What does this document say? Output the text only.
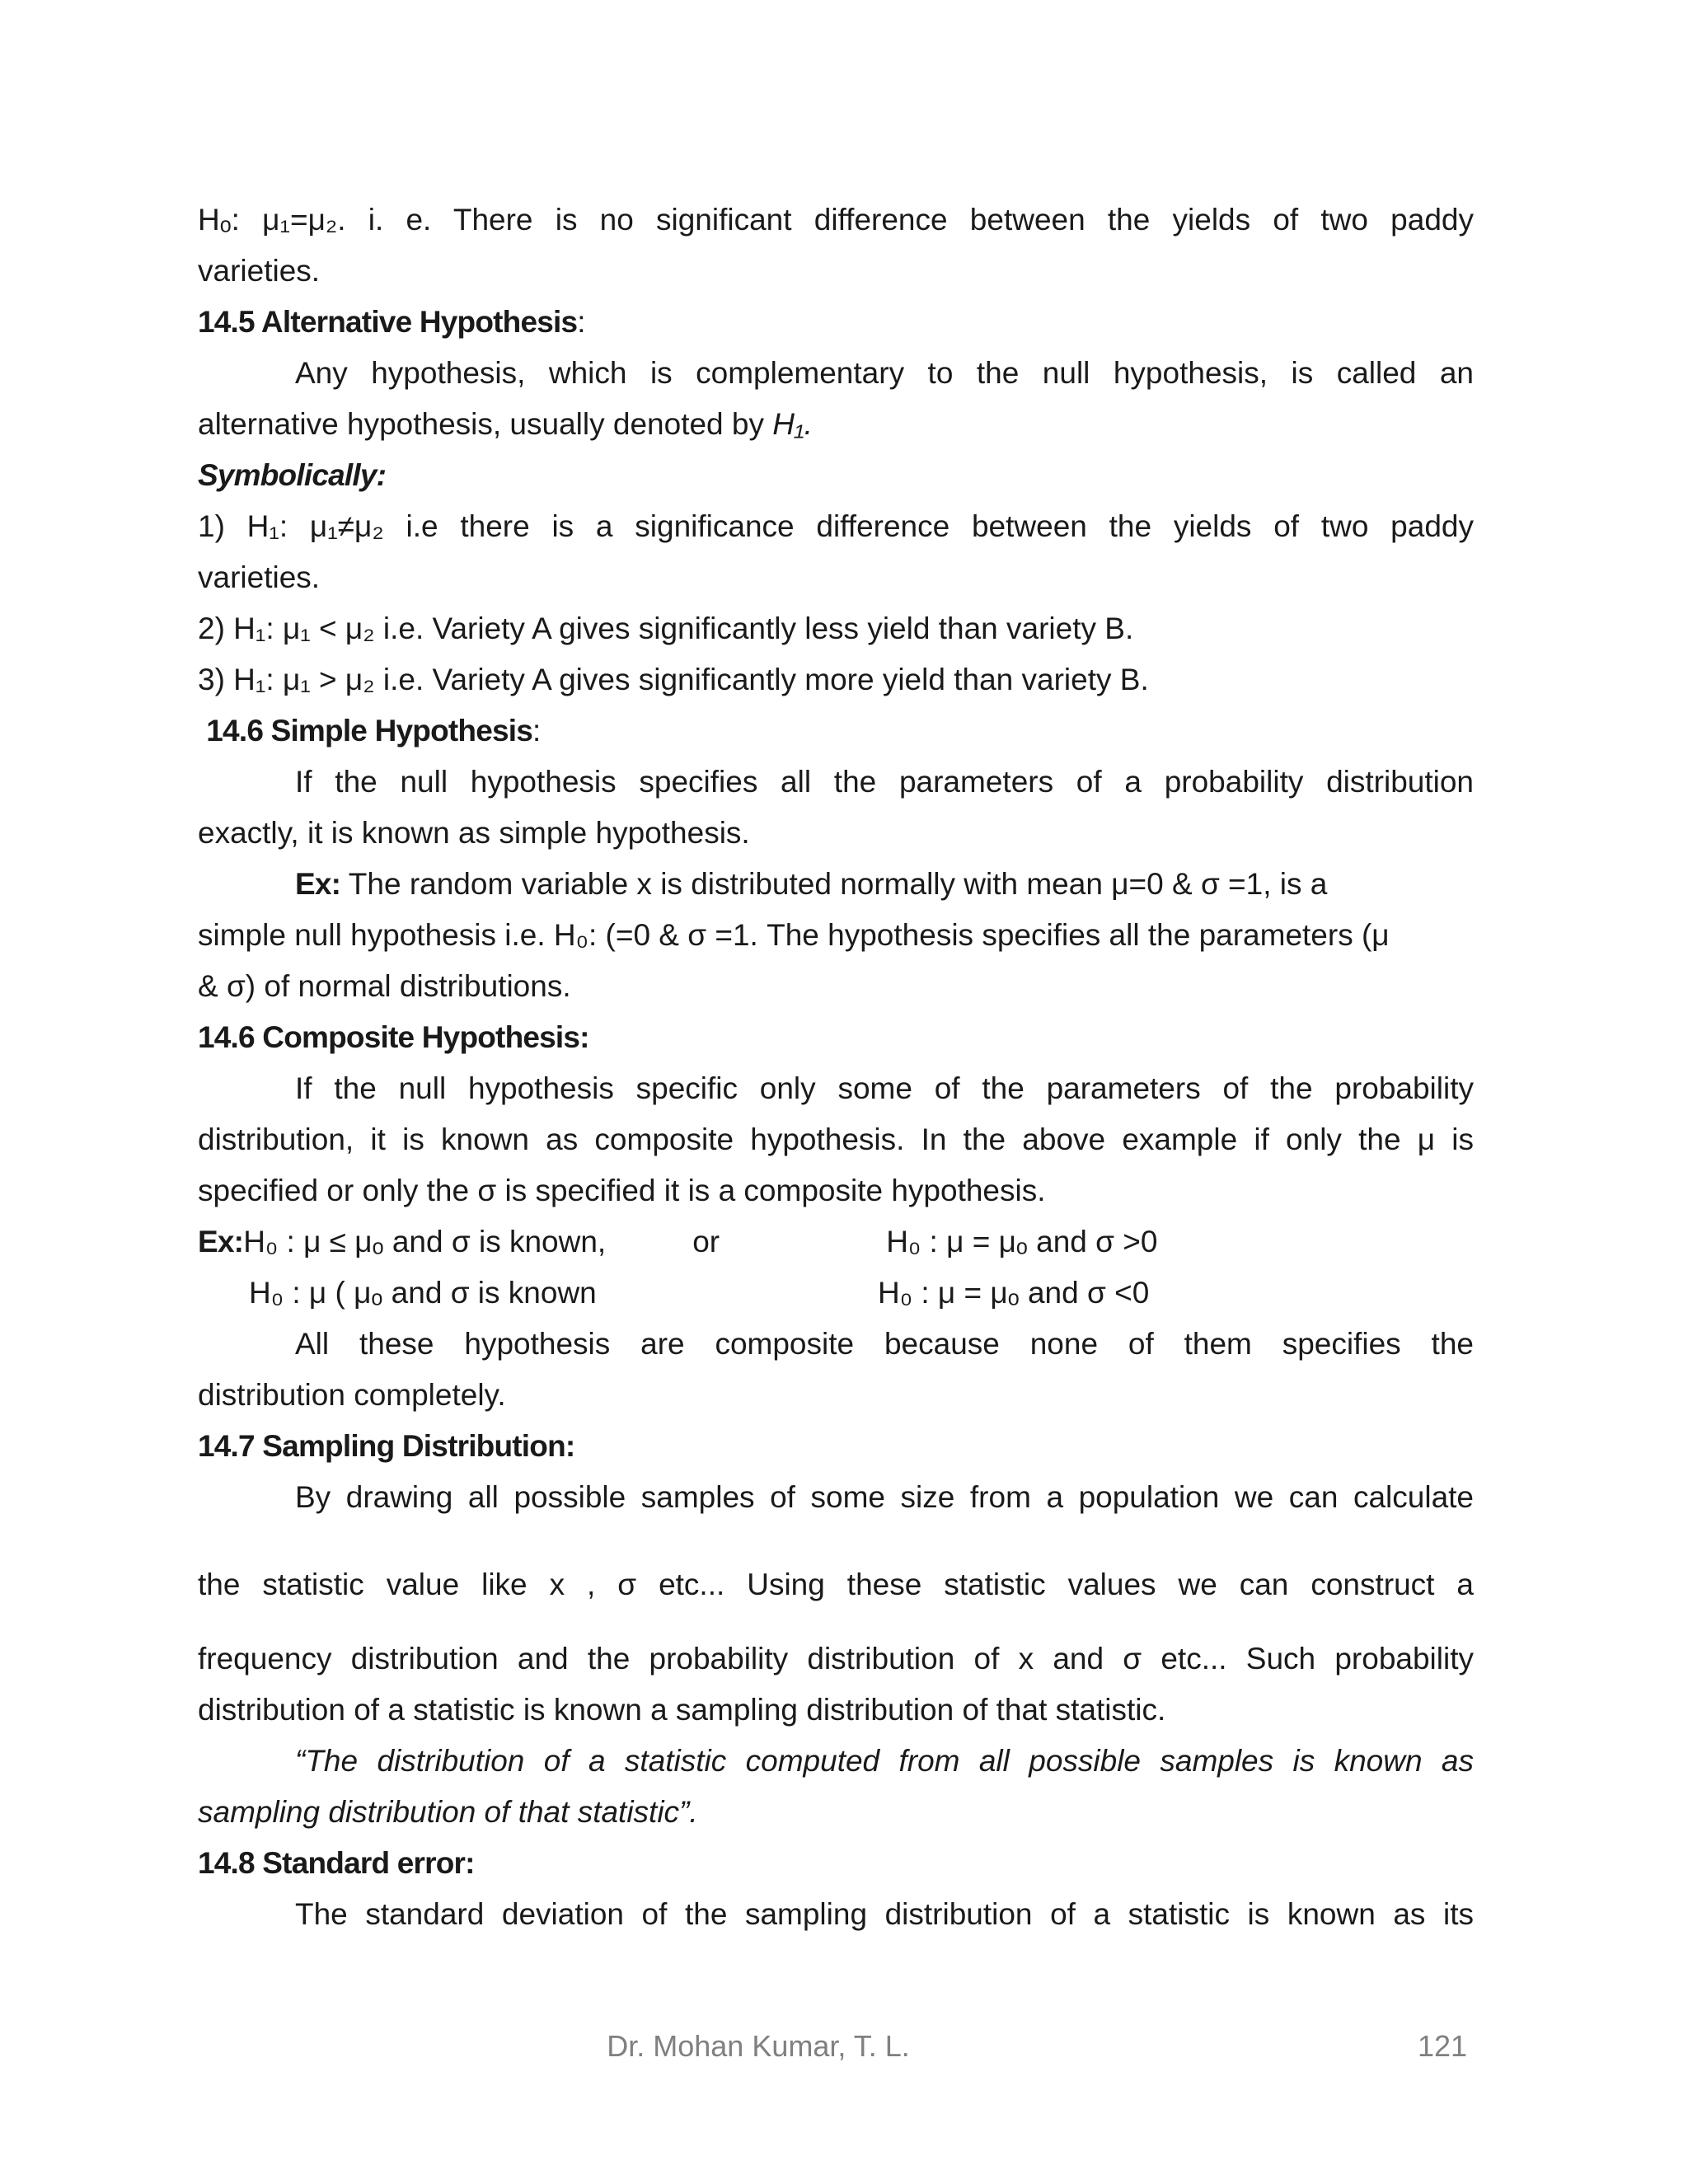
Hₒ: μ₁=μ₂. i. e. There is no significant difference between the yields of two paddy
varieties.
14.5 Alternative Hypothesis:
Any hypothesis, which is complementary to the null hypothesis, is called an
alternative hypothesis, usually denoted by H₁.
Symbolically:
1) H₁: μ₁≠μ₂ i.e there is a significance difference between the yields of two paddy
varieties.
2) H₁: μ₁ < μ₂ i.e. Variety A gives significantly less yield than variety B.
3) H₁: μ₁ > μ₂ i.e. Variety A gives significantly more yield than variety B.
14.6 Simple Hypothesis:
If the null hypothesis specifies all the parameters of a probability distribution
exactly, it is known as simple hypothesis.
Ex: The random variable x is distributed normally with mean μ=0 & σ =1, is a
simple null hypothesis i.e. H₀: (=0 & σ =1. The hypothesis specifies all the parameters (μ
& σ) of normal distributions.
14.6 Composite Hypothesis:
If the null hypothesis specific only some of the parameters of the probability
distribution, it is known as composite hypothesis. In the above example if only the μ is
specified or only the σ is specified it is a composite hypothesis.
Ex:H₀ : μ ≤ μₒ and σ is known,	or	H₀ : μ = μₒ and σ >0
H₀ : μ ( μₒ and σ is known	H₀ : μ = μₒ and σ <0
All these hypothesis are composite because none of them specifies the
distribution completely.
14.7 Sampling Distribution:
By drawing all possible samples of some size from a population we can calculate
the statistic value like x , σ etc... Using these statistic values we can construct a
frequency distribution and the probability distribution of x and σ etc... Such probability
distribution of a statistic is known a sampling distribution of that statistic.
“The distribution of a statistic computed from all possible samples is known as
sampling distribution of that statistic”.
14.8 Standard error:
The standard deviation of the sampling distribution of a statistic is known as its
Dr. Mohan Kumar, T. L.	121
